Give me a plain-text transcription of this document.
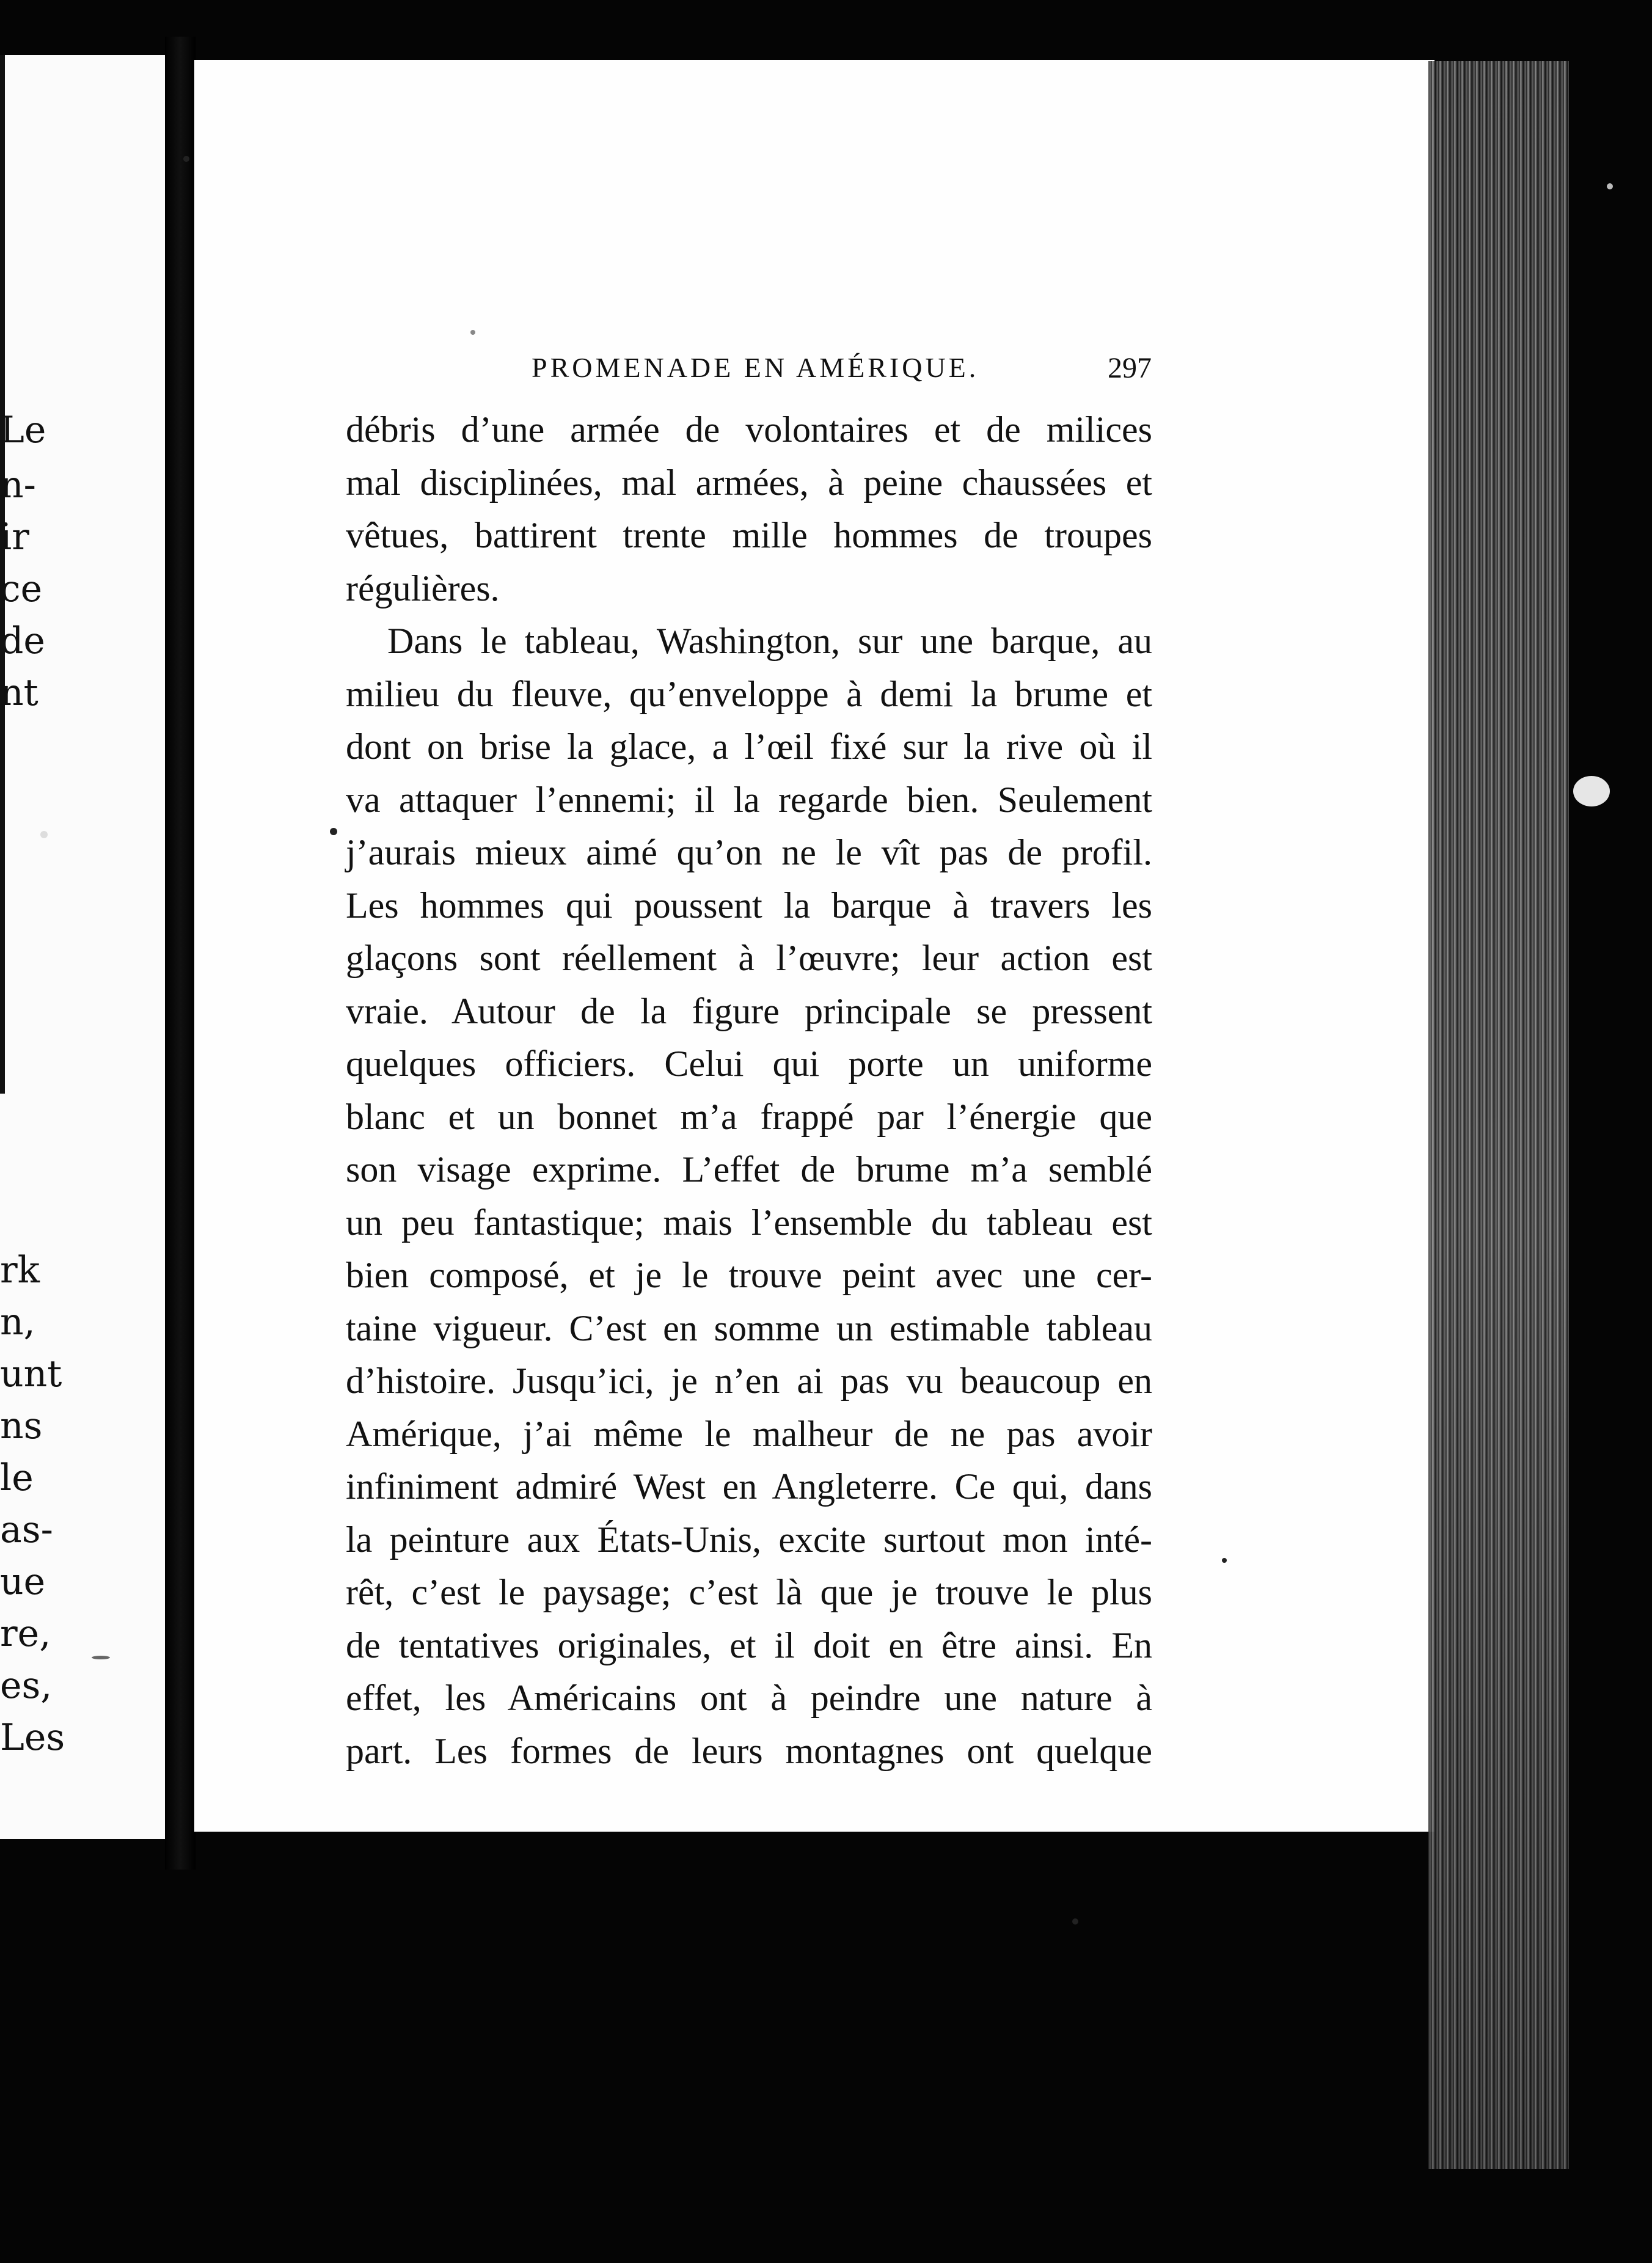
Le
n-
ir
ce
de
nt
rk
n,
unt
ns
le
as-
ue
re,
es,
Les
PROMENADE EN AMÉRIQUE.	297
débris d’une armée de volontaires et de milices
mal disciplinées, mal armées, à peine chaussées et
vêtues, battirent trente mille hommes de troupes
régulières.
Dans le tableau, Washington, sur une barque, au
milieu du fleuve, qu’enveloppe à demi la brume et
dont on brise la glace, a l’œil fixé sur la rive où il
va attaquer l’ennemi; il la regarde bien. Seulement
j’aurais mieux aimé qu’on ne le vît pas de profil.
Les hommes qui poussent la barque à travers les
glaçons sont réellement à l’œuvre; leur action est
vraie. Autour de la figure principale se pressent
quelques officiers. Celui qui porte un uniforme
blanc et un bonnet m’a frappé par l’énergie que
son visage exprime. L’effet de brume m’a semblé
un peu fantastique; mais l’ensemble du tableau est
bien composé, et je le trouve peint avec une cer-
taine vigueur. C’est en somme un estimable tableau
d’histoire. Jusqu’ici, je n’en ai pas vu beaucoup en
Amérique, j’ai même le malheur de ne pas avoir
infiniment admiré West en Angleterre. Ce qui, dans
la peinture aux États-Unis, excite surtout mon inté-
rêt, c’est le paysage; c’est là que je trouve le plus
de tentatives originales, et il doit en être ainsi. En
effet, les Américains ont à peindre une nature à
part. Les formes de leurs montagnes ont quelque
